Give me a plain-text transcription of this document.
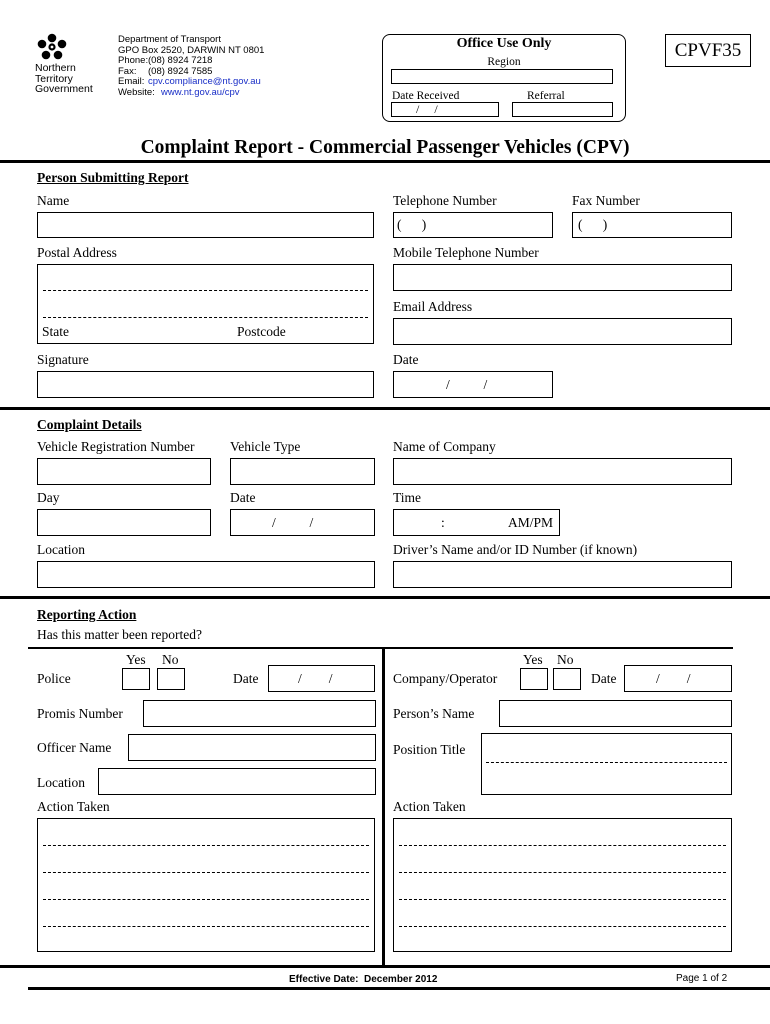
Northern
Territory
Government
Department of Transport
GPO Box 2520, DARWIN NT 0801
Phone:(08) 8924 7218
Fax: (08) 8924 7585
Email: cpv.compliance@nt.gov.au
Website: www.nt.gov.au/cpv
Office Use Only
Region
Date Received	Referral
/     /
CPVF35
Complaint Report - Commercial Passenger Vehicles (CPV)
Person Submitting Report
Name	Telephone Number	Fax Number
(      )	(      )
Postal Address
State	Postcode
Mobile Telephone Number
Email Address
Signature	Date
/          /
Complaint Details
Vehicle Registration Number	Vehicle Type	Name of Company
Day	Date	Time
/          /	:	AM/PM
Location	Driver’s Name and/or ID Number (if known)
Reporting Action
Has this matter been reported?
Yes No
Police	Date	/        /
Promis Number
Officer Name
Location
Action Taken
Yes No
Company/Operator	Date	/        /
Person’s Name
Position Title
Action Taken
Effective Date:  December 2012	Page 1 of 2
